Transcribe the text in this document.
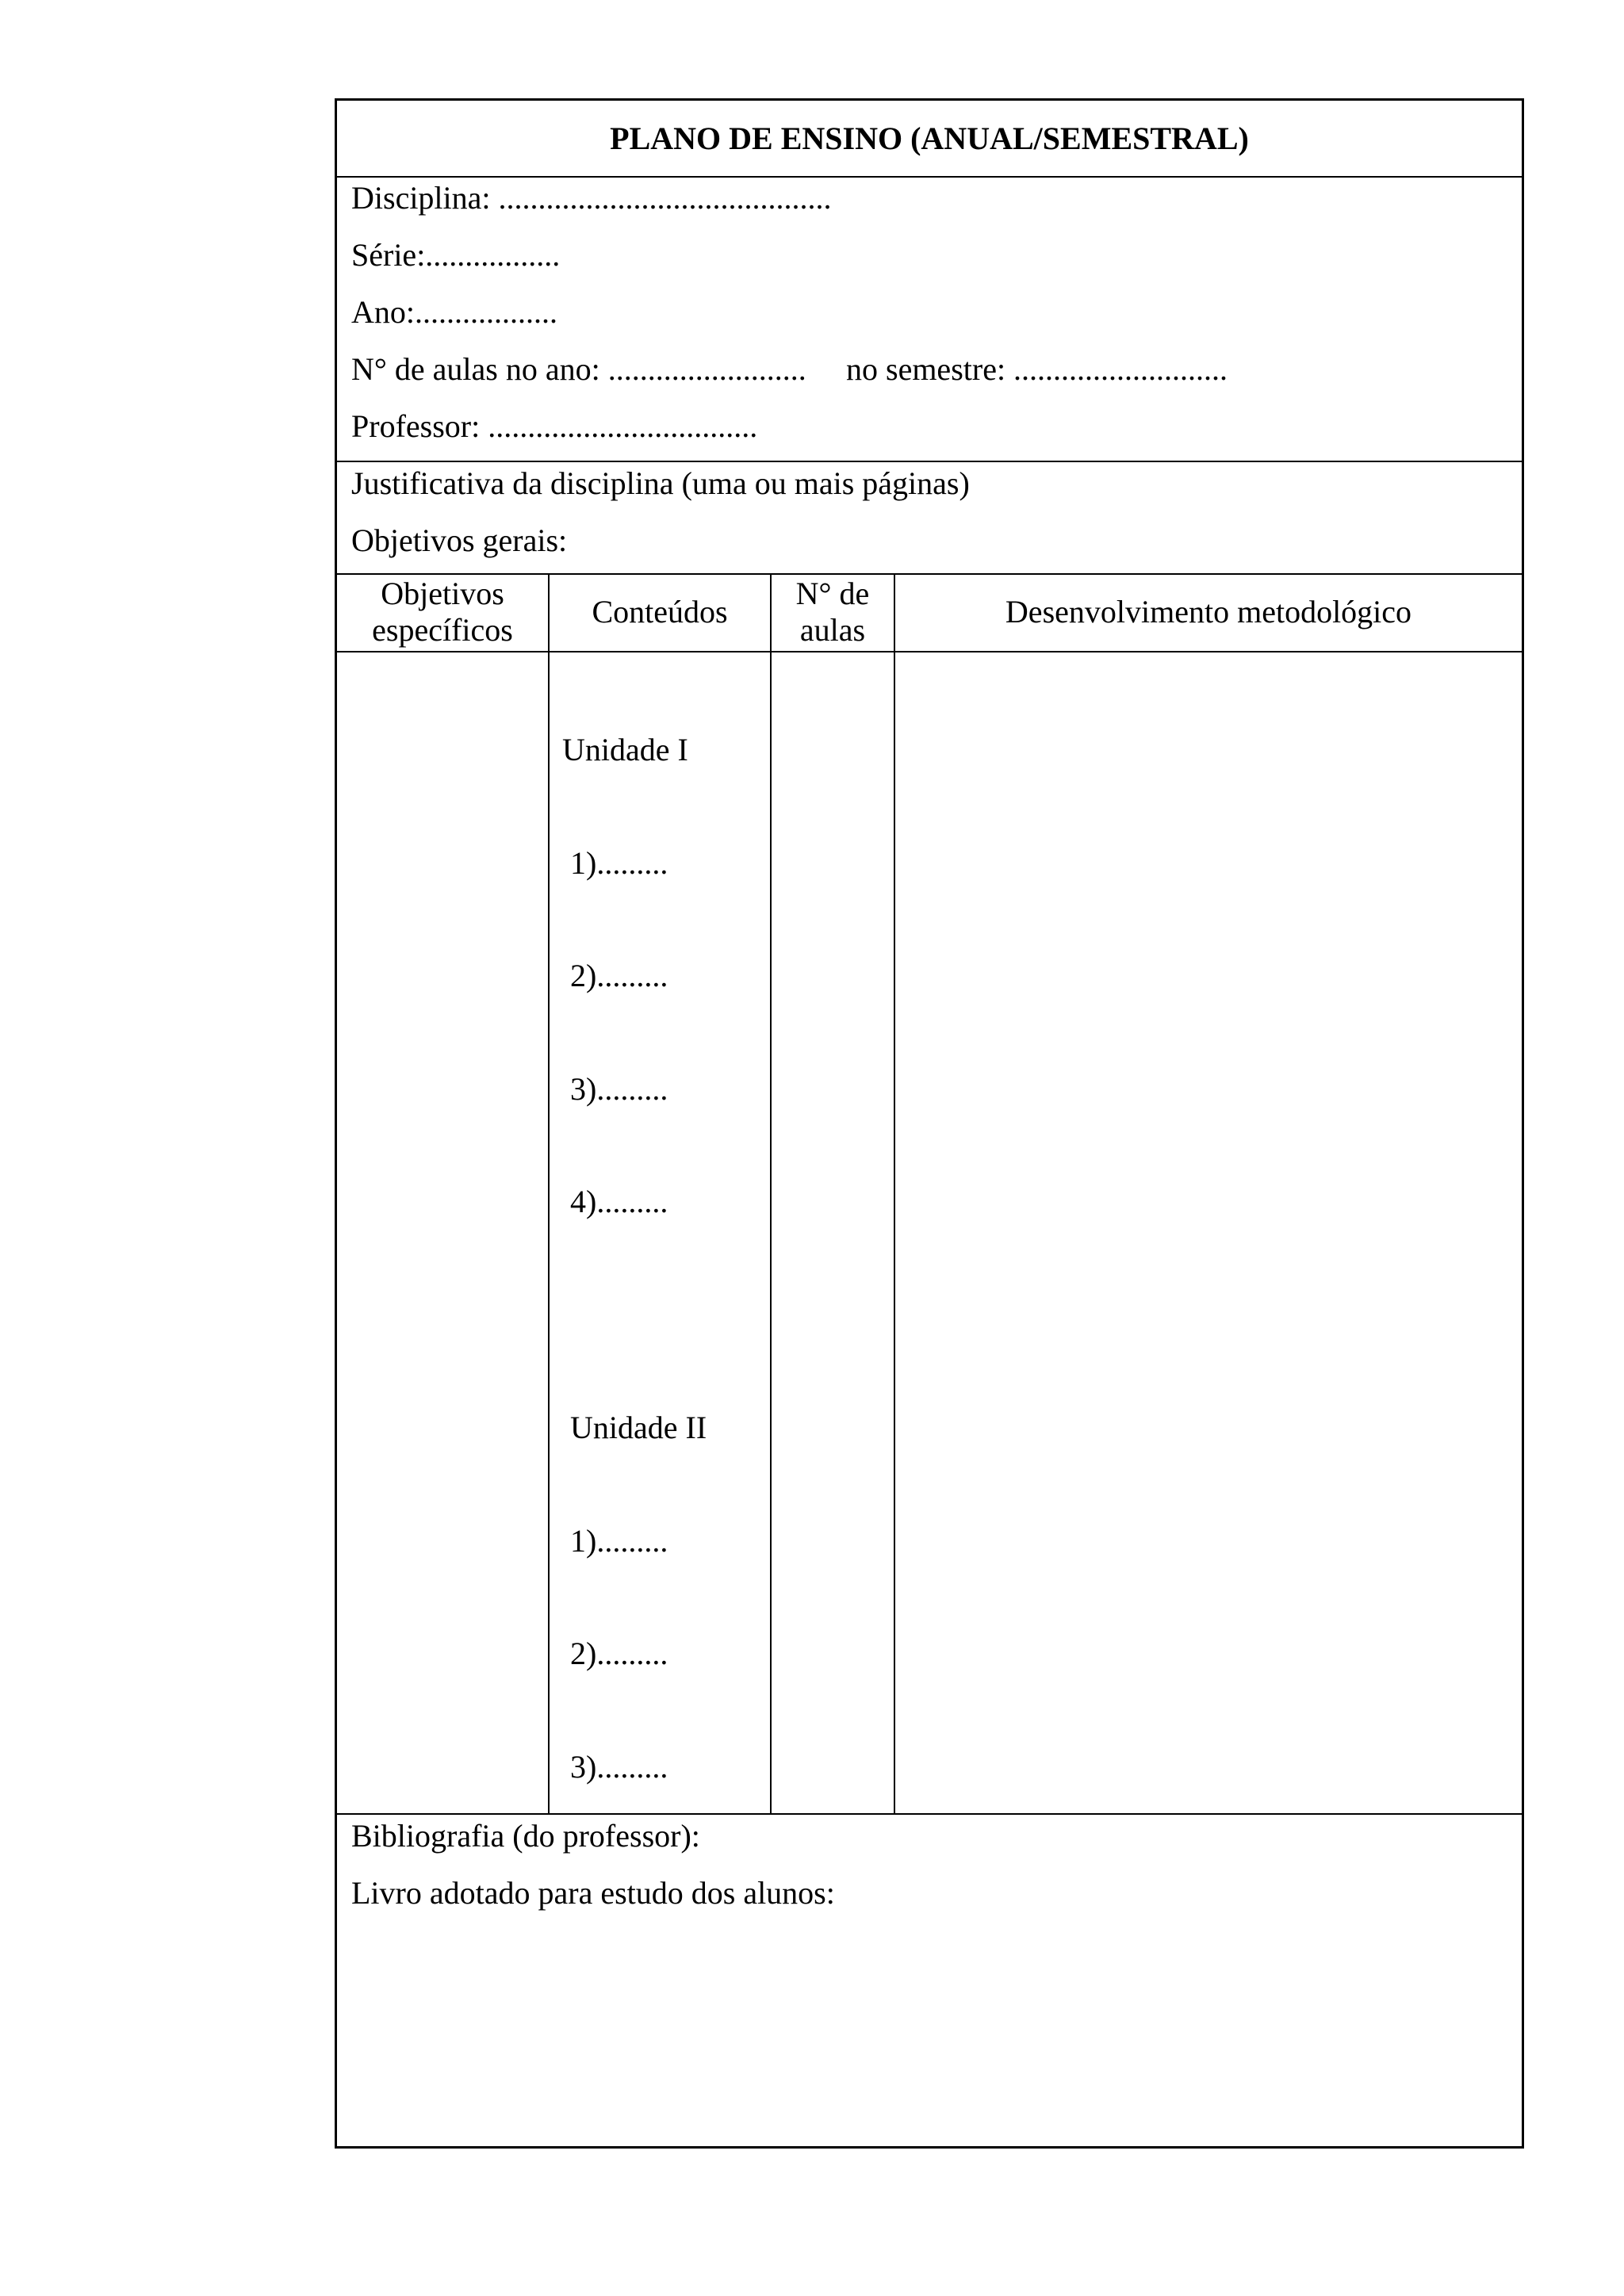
PLANO DE ENSINO (ANUAL/SEMESTRAL)
Disciplina: ..........................................
Série:.................
Ano:..................
N° de aulas no ano: ......................... no semestre: ...........................
Professor: ..................................
Justificativa da disciplina (uma ou mais páginas)
Objetivos gerais:
Objetivos
específicos
Conteúdos
N° de
aulas
Desenvolvimento metodológico

Unidade I

1).........

2).........

3).........

4).........

Unidade II

1).........

2).........

3).........

Bibliografia (do professor):
Livro adotado para estudo dos alunos:
